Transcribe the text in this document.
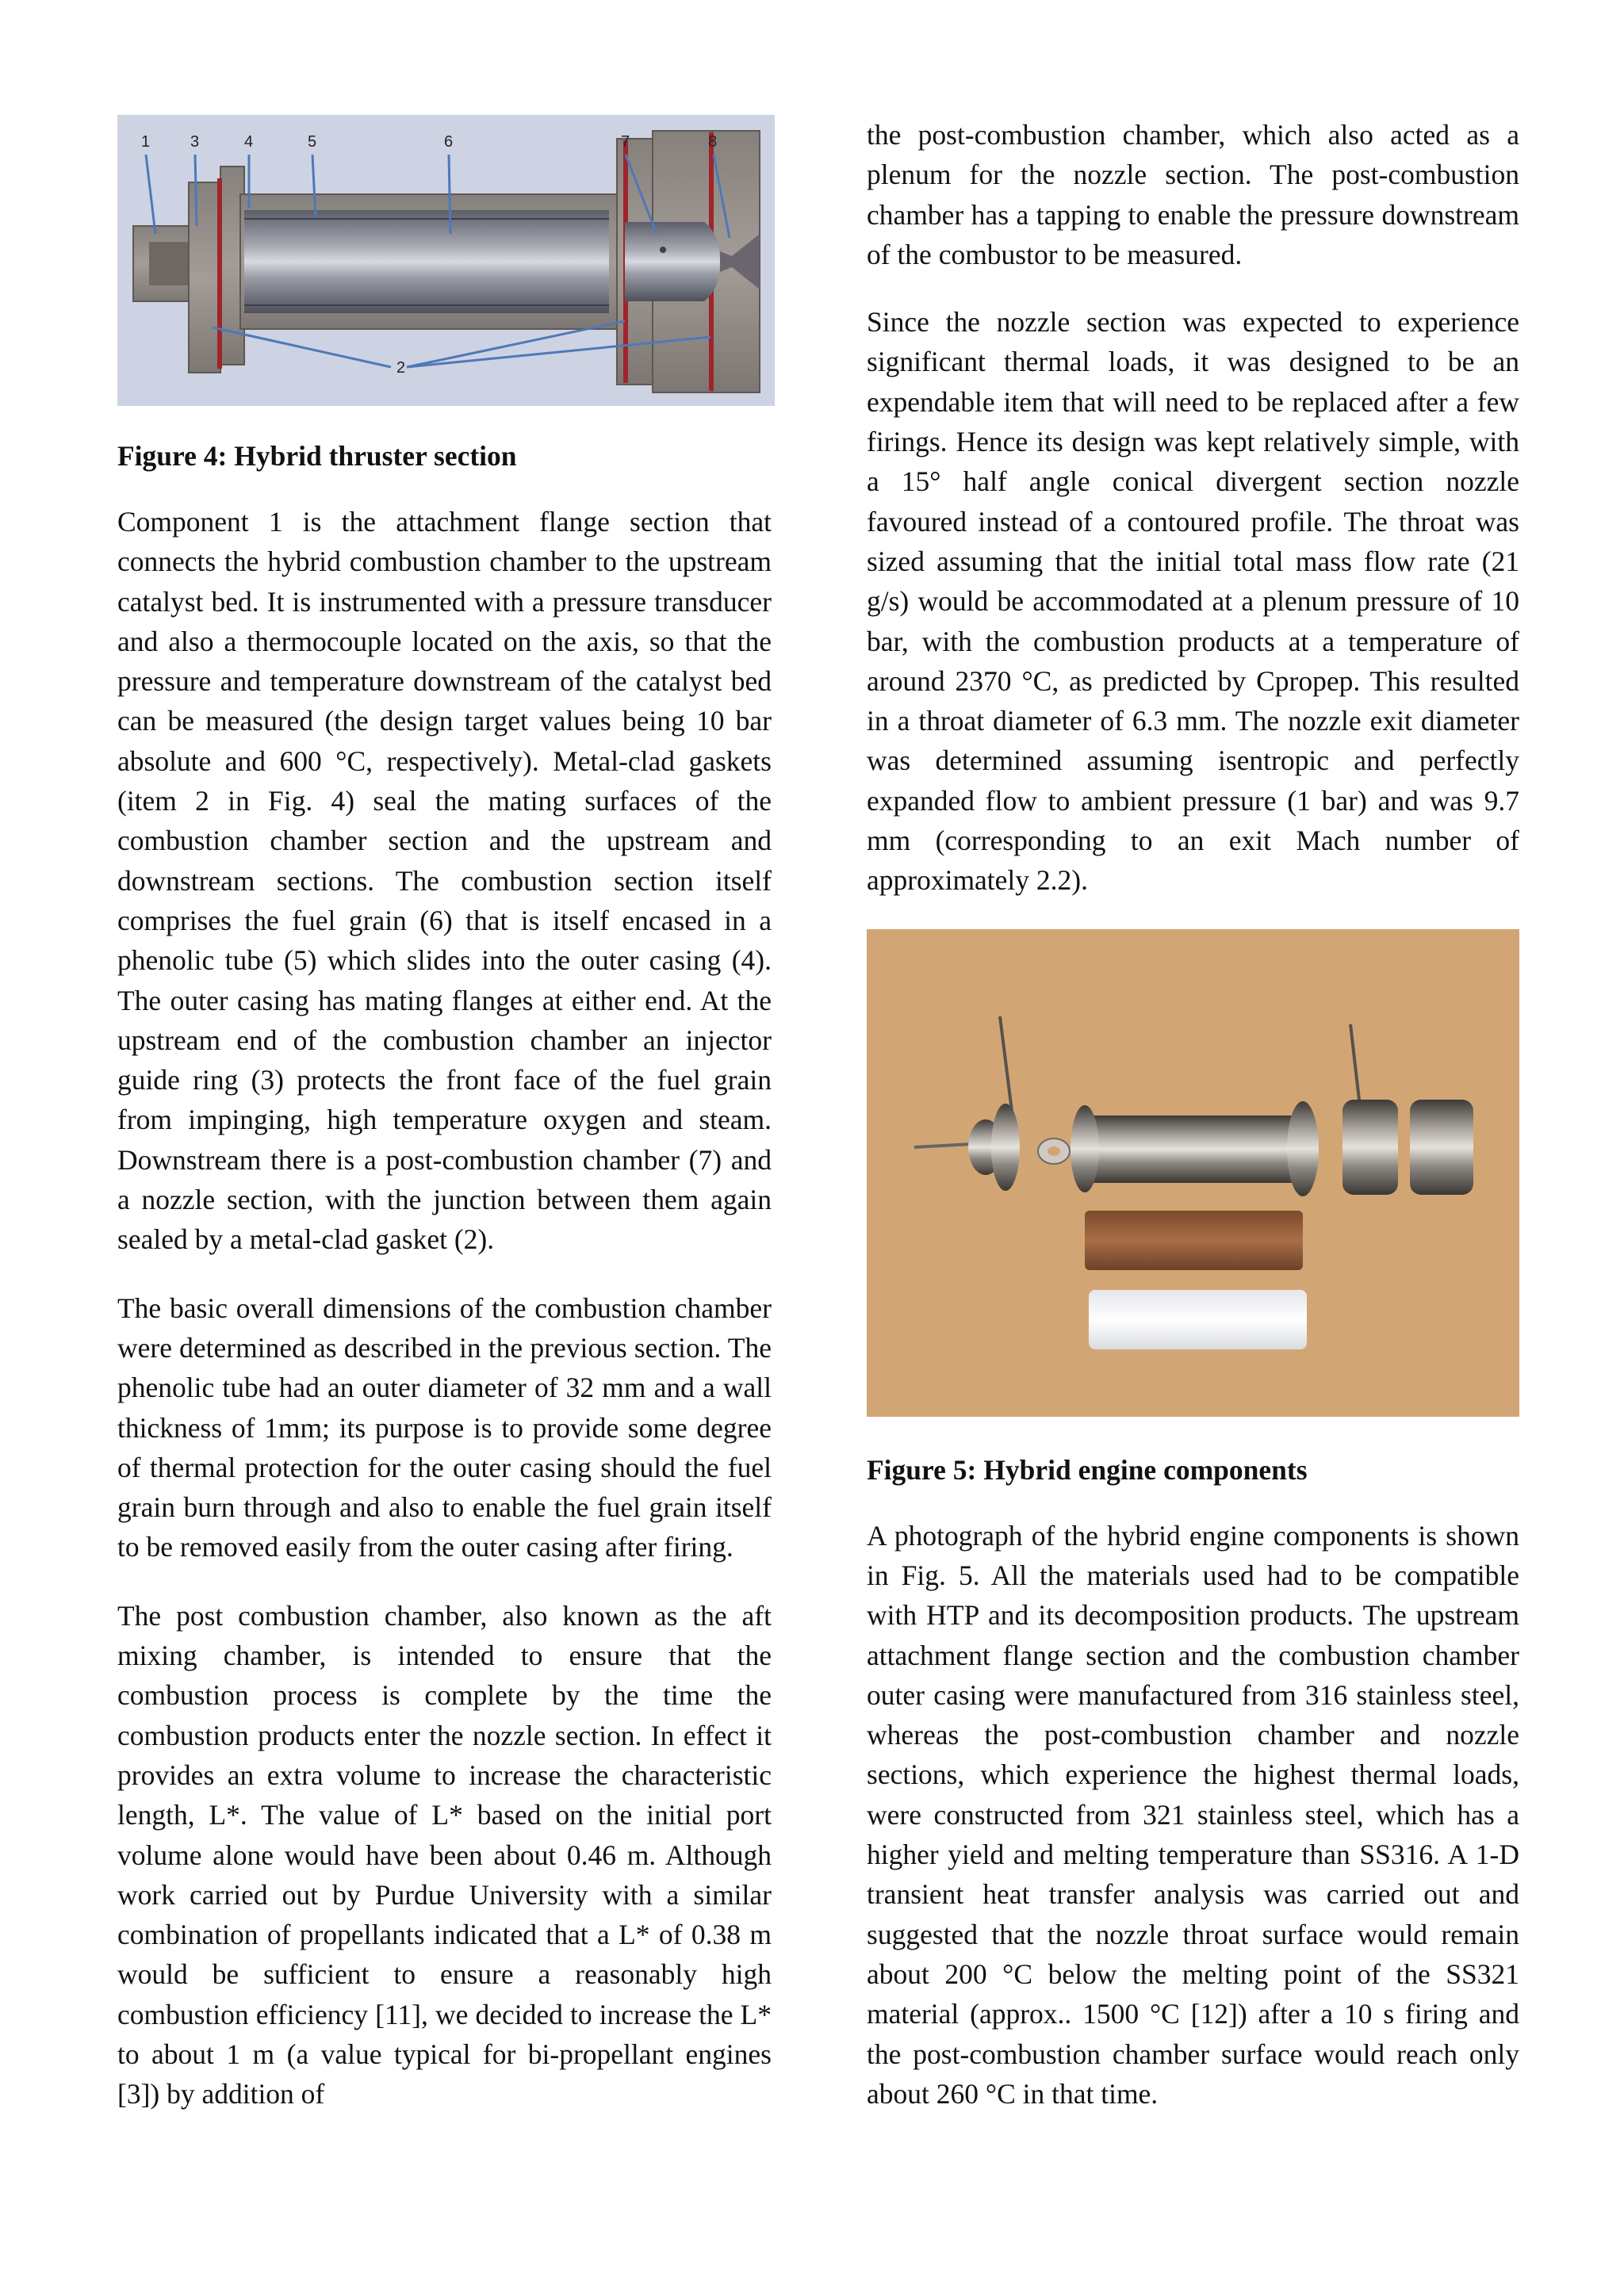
1	3	4	5	6	7	8
2

Figure 4: Hybrid thruster section

Component 1 is the attachment flange section that connects the hybrid combustion chamber to the upstream catalyst bed. It is instrumented with a pressure transducer and also a thermocouple located on the axis, so that the pressure and temperature downstream of the catalyst bed can be measured (the design target values being 10 bar absolute and 600 °C, respectively). Metal-clad gaskets (item 2 in Fig. 4) seal the mating surfaces of the combustion chamber section and the upstream and downstream sections. The combustion section itself comprises the fuel grain (6) that is itself encased in a phenolic tube (5) which slides into the outer casing (4). The outer casing has mating flanges at either end. At the upstream end of the combustion chamber an injector guide ring (3) protects the front face of the fuel grain from impinging, high temperature oxygen and steam. Downstream there is a post-combustion chamber (7) and a nozzle section, with the junction between them again sealed by a metal-clad gasket (2).

The basic overall dimensions of the combustion chamber were determined as described in the previous section. The phenolic tube had an outer diameter of 32 mm and a wall thickness of 1mm; its purpose is to provide some degree of thermal protection for the outer casing should the fuel grain burn through and also to enable the fuel grain itself to be removed easily from the outer casing after firing.

The post combustion chamber, also known as the aft mixing chamber, is intended to ensure that the combustion process is complete by the time the combustion products enter the nozzle section. In effect it provides an extra volume to increase the characteristic length, L*. The value of L* based on the initial port volume alone would have been about 0.46 m. Although work carried out by Purdue University with a similar combination of propellants indicated that a L* of 0.38 m would be sufficient to ensure a reasonably high combustion efficiency [11], we decided to increase the L* to about 1 m (a value typical for bi-propellant engines [3]) by addition of

the post-combustion chamber, which also acted as a plenum for the nozzle section. The post-combustion chamber has a tapping to enable the pressure downstream of the combustor to be measured.

Since the nozzle section was expected to experience significant thermal loads, it was designed to be an expendable item that will need to be replaced after a few firings. Hence its design was kept relatively simple, with a 15° half angle conical divergent section nozzle favoured instead of a contoured profile. The throat was sized assuming that the initial total mass flow rate (21 g/s) would be accommodated at a plenum pressure of 10 bar, with the combustion products at a temperature of around 2370 °C, as predicted by Cpropep. This resulted in a throat diameter of 6.3 mm. The nozzle exit diameter was determined assuming isentropic and perfectly expanded flow to ambient pressure (1 bar) and was 9.7 mm (corresponding to an exit Mach number of approximately 2.2).

Figure 5: Hybrid engine components

A photograph of the hybrid engine components is shown in Fig. 5. All the materials used had to be compatible with HTP and its decomposition products. The upstream attachment flange section and the combustion chamber outer casing were manufactured from 316 stainless steel, whereas the post-combustion chamber and nozzle sections, which experience the highest thermal loads, were constructed from 321 stainless steel, which has a higher yield and melting temperature than SS316. A 1-D transient heat transfer analysis was carried out and suggested that the nozzle throat surface would remain about 200 °C below the melting point of the SS321 material (approx.. 1500 °C [12]) after a 10 s firing and the post-combustion chamber surface would reach only about 260 °C in that time.
